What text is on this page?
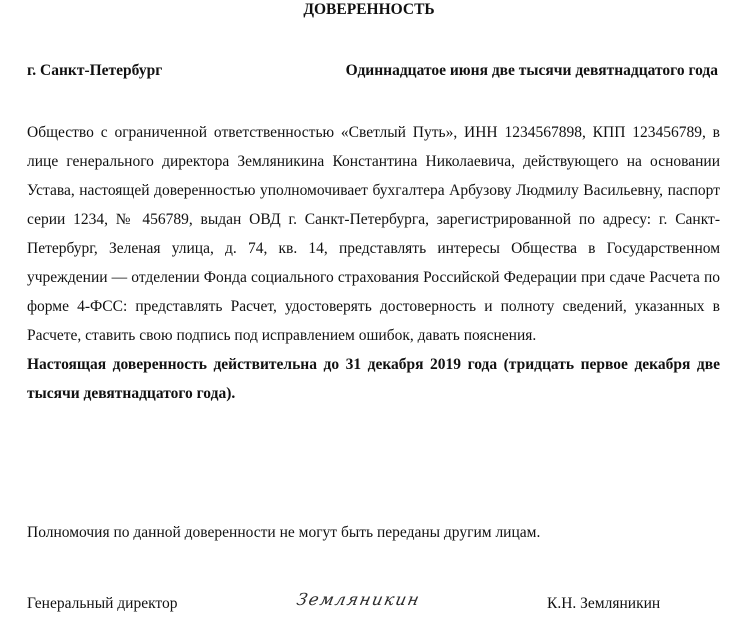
ДОВЕРЕННОСТЬ
г. Санкт-Петербург	Одиннадцатое июня две тысячи девятнадцатого года

Общество с ограниченной ответственностью «Светлый Путь», ИНН 1234567898, КПП 123456789, в лице генерального директора Земляникина Константина Николаевича, действующего на основании Устава, настоящей доверенностью уполномочивает бухгалтера Арбузову Людмилу Васильевну, паспорт серии 1234, № 456789, выдан ОВД г. Санкт-Петербурга, зарегистрированной по адресу: г. Санкт-Петербург, Зеленая улица, д. 74, кв. 14, представлять интересы Общества в Государственном учреждении — отделении Фонда социального страхования Российской Федерации при сдаче Расчета по форме 4-ФСС: представлять Расчет, удостоверять достоверность и полноту сведений, указанных в Расчете, ставить свою подпись под исправлением ошибок, давать пояснения.

Настоящая доверенность действительна до 31 декабря 2019 года (тридцать первое декабря две тысячи девятнадцатого года).

Полномочия по данной доверенности не могут быть переданы другим лицам.
Генеральный директор	Земляникин	К.Н. Земляникин
